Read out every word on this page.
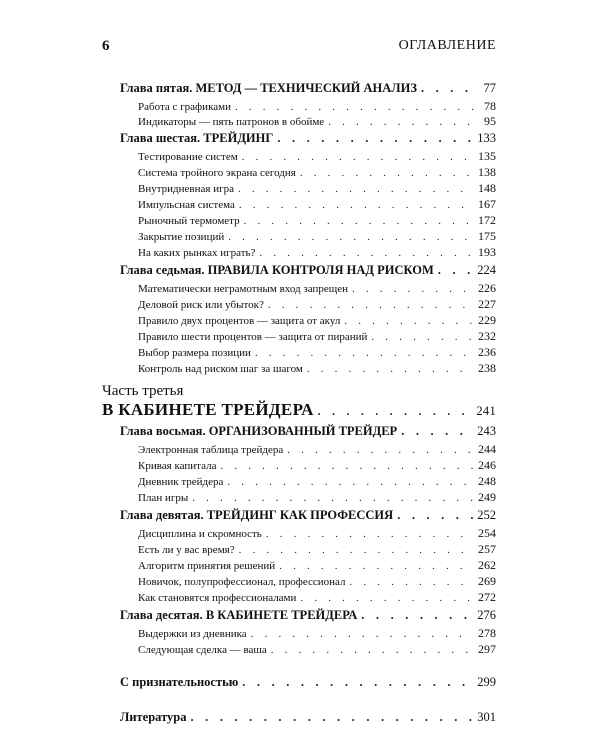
6	ОГЛАВЛЕНИЕ
Глава пятая. МЕТОД — ТЕХНИЧЕСКИЙ АНАЛИЗ . . .	77
Работа с графиками . . .	78
Индикаторы — пять патронов в обойме . . .	95
Глава шестая. ТРЕЙДИНГ . . .	133
Тестирование систем . . .	135
Система тройного экрана сегодня . . .	138
Внутридневная игра . . .	148
Импульсная система . . .	167
Рыночный термометр . . .	172
Закрытие позиций . . .	175
На каких рынках играть? . . .	193
Глава седьмая. ПРАВИЛА КОНТРОЛЯ НАД РИСКОМ . . .	224
Математически неграмотным вход запрещен . . .	226
Деловой риск или убыток? . . .	227
Правило двух процентов — защита от акул . . .	229
Правило шести процентов — защита от пираний . . .	232
Выбор размера позиции . . .	236
Контроль над риском шаг за шагом . . .	238
Часть третья
В КАБИНЕТЕ ТРЕЙДЕРА . . .	241
Глава восьмая. ОРГАНИЗОВАННЫЙ ТРЕЙДЕР . . .	243
Электронная таблица трейдера . . .	244
Кривая капитала . . .	246
Дневник трейдера . . .	248
План игры . . .	249
Глава девятая. ТРЕЙДИНГ КАК ПРОФЕССИЯ . . .	252
Дисциплина и скромность . . .	254
Есть ли у вас время? . . .	257
Алгоритм принятия решений . . .	262
Новичок, полупрофессионал, профессионал . . .	269
Как становятся профессионалами . . .	272
Глава десятая. В КАБИНЕТЕ ТРЕЙДЕРА . . .	276
Выдержки из дневника . . .	278
Следующая сделка — ваша . . .	297
С признательностью . . .	299
Литература . . .	301
